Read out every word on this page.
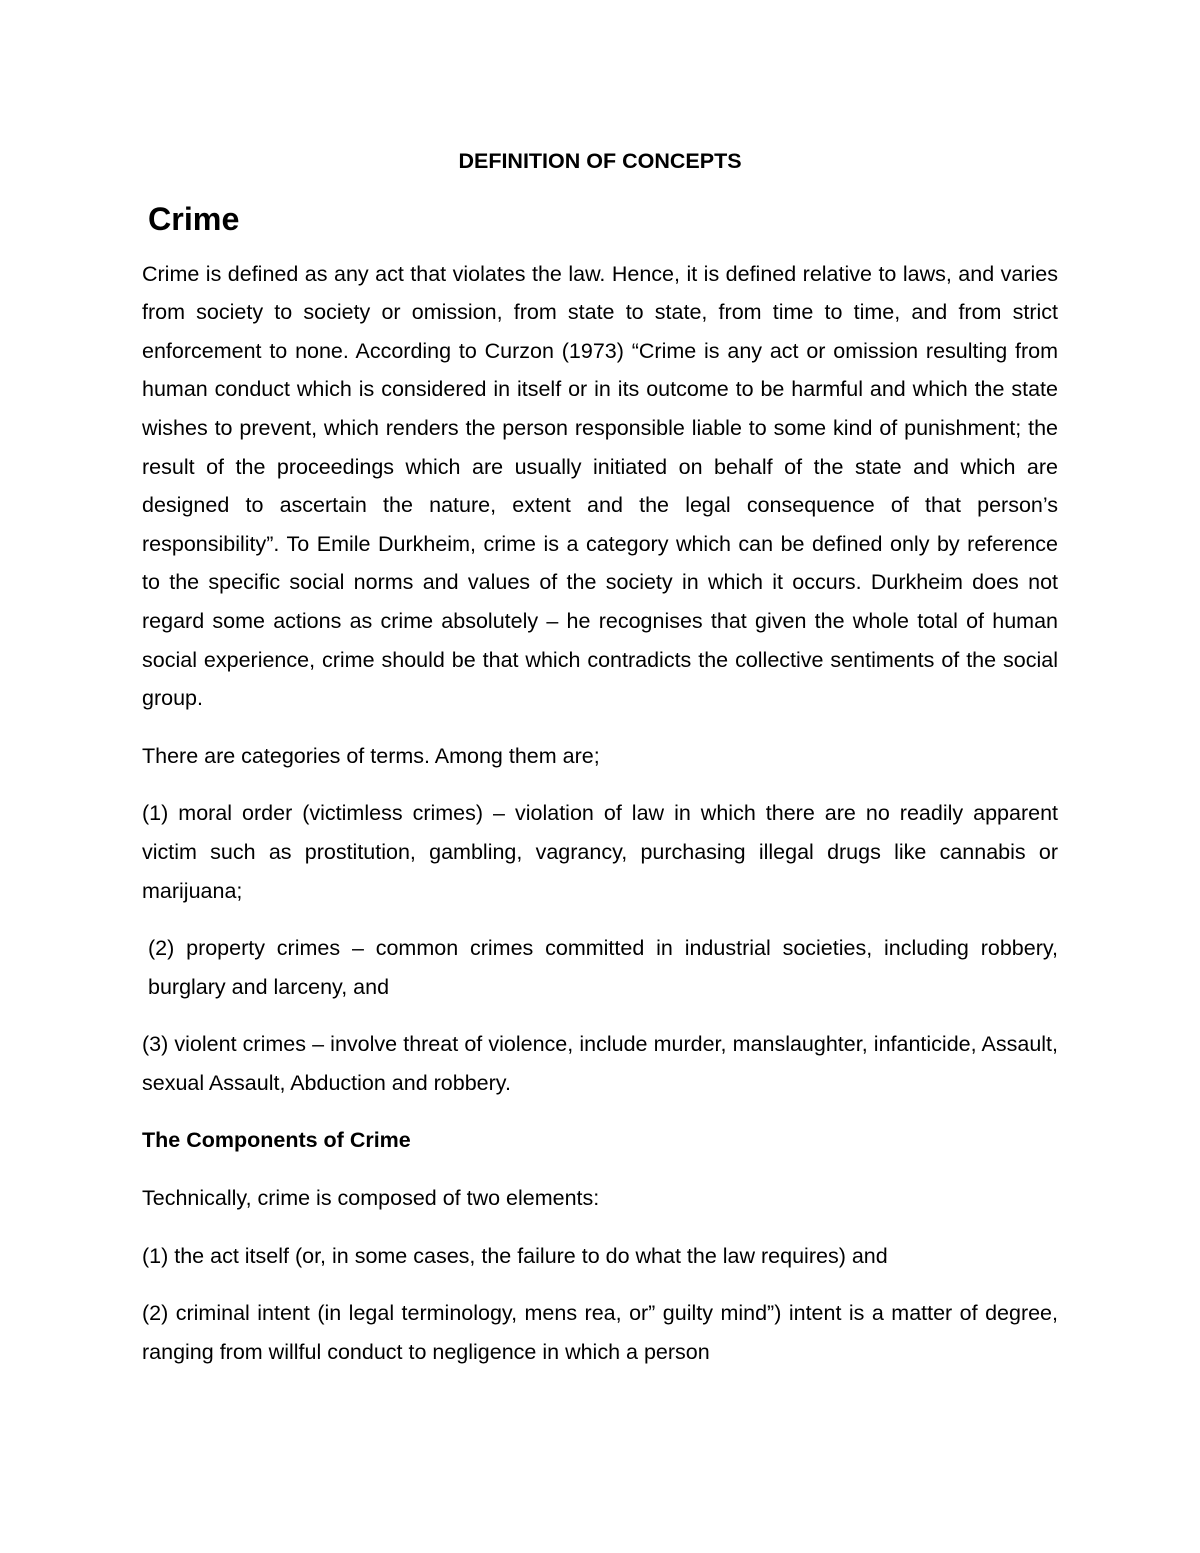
DEFINITION OF CONCEPTS
Crime

Crime is defined as any act that violates the law. Hence, it is defined relative to laws, and varies from society to society or omission, from state to state, from time to time, and from strict enforcement to none. According to Curzon (1973) “Crime is any act or omission resulting from human conduct which is considered in itself or in its outcome to be harmful and which the state wishes to prevent, which renders the person responsible liable to some kind of punishment; the result of the proceedings which are usually initiated on behalf of the state and which are designed to ascertain the nature, extent and the legal consequence of that person’s responsibility”. To Emile Durkheim, crime is a category which can be defined only by reference to the specific social norms and values of the society in which it occurs. Durkheim does not regard some actions as crime absolutely – he recognises that given the whole total of human social experience, crime should be that which contradicts the collective sentiments of the social group.

There are categories of terms. Among them are;

(1) moral order (victimless crimes) – violation of law in which there are no readily apparent victim such as prostitution, gambling, vagrancy, purchasing illegal drugs like cannabis or marijuana;

(2) property crimes – common crimes committed in industrial societies, including robbery, burglary and larceny, and

(3) violent crimes – involve threat of violence, include murder, manslaughter, infanticide, Assault, sexual Assault, Abduction and robbery.

The Components of Crime

Technically, crime is composed of two elements:

(1) the act itself (or, in some cases, the failure to do what the law requires) and

(2) criminal intent (in legal terminology, mens rea, or” guilty mind”) intent is a matter of degree, ranging from willful conduct to negligence in which a person
